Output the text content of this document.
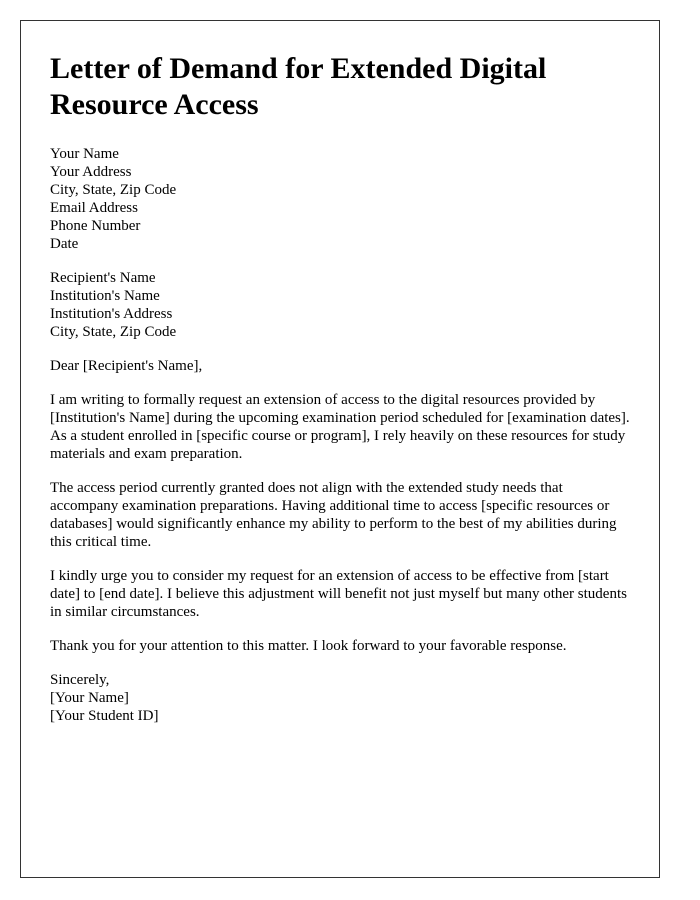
Letter of Demand for Extended Digital Resource Access
Your Name
Your Address
City, State, Zip Code
Email Address
Phone Number
Date
Recipient's Name
Institution's Name
Institution's Address
City, State, Zip Code
Dear [Recipient's Name],

I am writing to formally request an extension of access to the digital resources provided by [Institution's Name] during the upcoming examination period scheduled for [examination dates]. As a student enrolled in [specific course or program], I rely heavily on these resources for study materials and exam preparation.

The access period currently granted does not align with the extended study needs that accompany examination preparations. Having additional time to access [specific resources or databases] would significantly enhance my ability to perform to the best of my abilities during this critical time.

I kindly urge you to consider my request for an extension of access to be effective from [start date] to [end date]. I believe this adjustment will benefit not just myself but many other students in similar circumstances.

Thank you for your attention to this matter. I look forward to your favorable response.

Sincerely,
[Your Name]
[Your Student ID]
